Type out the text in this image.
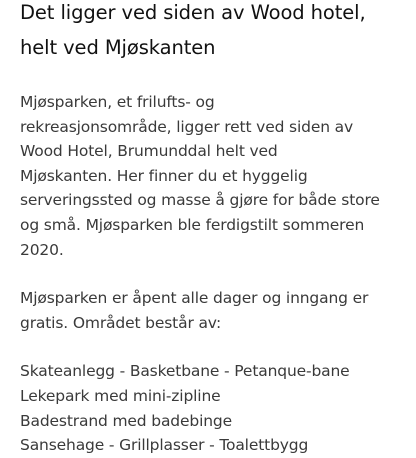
Det ligger ved siden av Wood hotel,
helt ved Mjøskanten

Mjøsparken, et frilufts- og
rekreasjonsområde, ligger rett ved siden av
Wood Hotel, Brumunddal helt ved
Mjøskanten. Her finner du et hyggelig
serveringssted og masse å gjøre for både store
og små. Mjøsparken ble ferdigstilt sommeren
2020.

Mjøsparken er åpent alle dager og inngang er
gratis. Området består av:

Skateanlegg - Basketbane - Petanque-bane
Lekepark med mini-zipline
Badestrand med badebinge
Sansehage - Grillplasser - Toalettbygg
